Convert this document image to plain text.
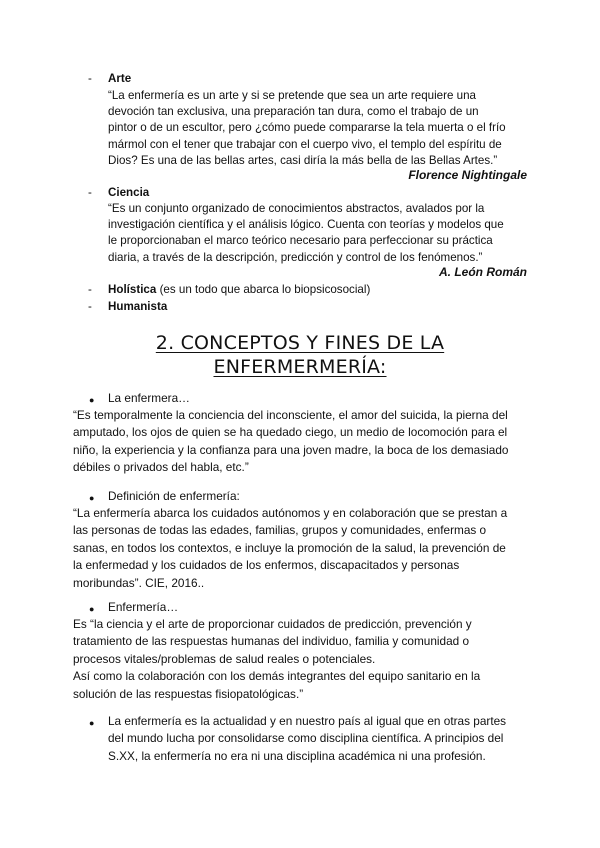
- Arte
“La enfermería es un arte y si se pretende que sea un arte requiere una
devoción tan exclusiva, una preparación tan dura, como el trabajo de un
pintor o de un escultor, pero ¿cómo puede compararse la tela muerta o el frío
mármol con el tener que trabajar con el cuerpo vivo, el templo del espíritu de
Dios? Es una de las bellas artes, casi diría la más bella de las Bellas Artes.”
Florence Nightingale
- Ciencia
“Es un conjunto organizado de conocimientos abstractos, avalados por la
investigación científica y el análisis lógico. Cuenta con teorías y modelos que
le proporcionaban el marco teórico necesario para perfeccionar su práctica
diaria, a través de la descripción, predicción y control de los fenómenos.”
A. León Román
- Holística (es un todo que abarca lo biopsicosocial)
- Humanista
2. CONCEPTOS Y FINES DE LA
ENFERMERMERÍA:
● La enfermera…
“Es temporalmente la conciencia del inconsciente, el amor del suicida, la pierna del
amputado, los ojos de quien se ha quedado ciego, un medio de locomoción para el
niño, la experiencia y la confianza para una joven madre, la boca de los demasiado
débiles o privados del habla, etc.”
● Definición de enfermería:
“La enfermería abarca los cuidados autónomos y en colaboración que se prestan a
las personas de todas las edades, familias, grupos y comunidades, enfermas o
sanas, en todos los contextos, e incluye la promoción de la salud, la prevención de
la enfermedad y los cuidados de los enfermos, discapacitados y personas
moribundas”. CIE, 2016..
● Enfermería…
Es “la ciencia y el arte de proporcionar cuidados de predicción, prevención y
tratamiento de las respuestas humanas del individuo, familia y comunidad o
procesos vitales/problemas de salud reales o potenciales.
Así como la colaboración con los demás integrantes del equipo sanitario en la
solución de las respuestas fisiopatológicas.”
● La enfermería es la actualidad y en nuestro país al igual que en otras partes
del mundo lucha por consolidarse como disciplina científica. A principios del
S.XX, la enfermería no era ni una disciplina académica ni una profesión.
